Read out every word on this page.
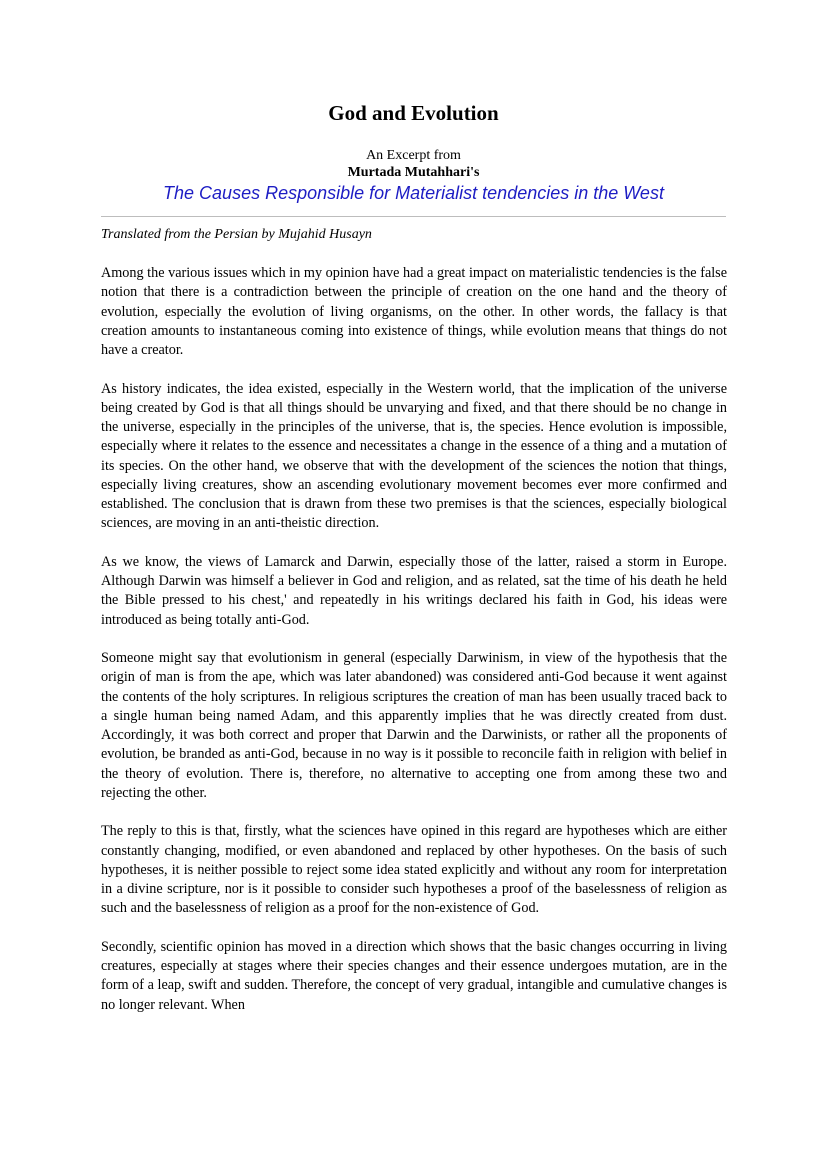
God and Evolution
An Excerpt from
Murtada Mutahhari's
The Causes Responsible for Materialist tendencies in the West
Translated from the Persian by Mujahid Husayn

Among the various issues which in my opinion have had a great impact on materialistic tendencies is the false notion that there is a contradiction between the principle of creation on the one hand and the theory of evolution, especially the evolution of living organisms, on the other. In other words, the fallacy is that creation amounts to instantaneous coming into existence of things, while evolution means that things do not have a creator.

As history indicates, the idea existed, especially in the Western world, that the implication of the universe being created by God is that all things should be unvarying and fixed, and that there should be no change in the universe, especially in the principles of the universe, that is, the species. Hence evolution is impossible, especially where it relates to the essence and necessitates a change in the essence of a thing and a mutation of its species. On the other hand, we observe that with the development of the sciences the notion that things, especially living creatures, show an ascending evolutionary movement becomes ever more confirmed and established. The conclusion that is drawn from these two premises is that the sciences, especially biological sciences, are moving in an anti-theistic direction.

As we know, the views of Lamarck and Darwin, especially those of the latter, raised a storm in Europe. Although Darwin was himself a believer in God and religion, and as related, sat the time of his death he held the Bible pressed to his chest,' and repeatedly in his writings declared his faith in God, his ideas were introduced as being totally anti-God.

Someone might say that evolutionism in general (especially Darwinism, in view of the hypothesis that the origin of man is from the ape, which was later abandoned) was considered anti-God because it went against the contents of the holy scriptures. In religious scriptures the creation of man has been usually traced back to a single human being named Adam, and this apparently implies that he was directly created from dust. Accordingly, it was both correct and proper that Darwin and the Darwinists, or rather all the proponents of evolution, be branded as anti-God, because in no way is it possible to reconcile faith in religion with belief in the theory of evolution. There is, therefore, no alternative to accepting one from among these two and rejecting the other.

The reply to this is that, firstly, what the sciences have opined in this regard are hypotheses which are either constantly changing, modified, or even abandoned and replaced by other hypotheses. On the basis of such hypotheses, it is neither possible to reject some idea stated explicitly and without any room for interpretation in a divine scripture, nor is it possible to consider such hypotheses a proof of the baselessness of religion as such and the baselessness of religion as a proof for the non-existence of God.

Secondly, scientific opinion has moved in a direction which shows that the basic changes occurring in living creatures, especially at stages where their species changes and their essence undergoes mutation, are in the form of a leap, swift and sudden. Therefore, the concept of very gradual, intangible and cumulative changes is no longer relevant. When
